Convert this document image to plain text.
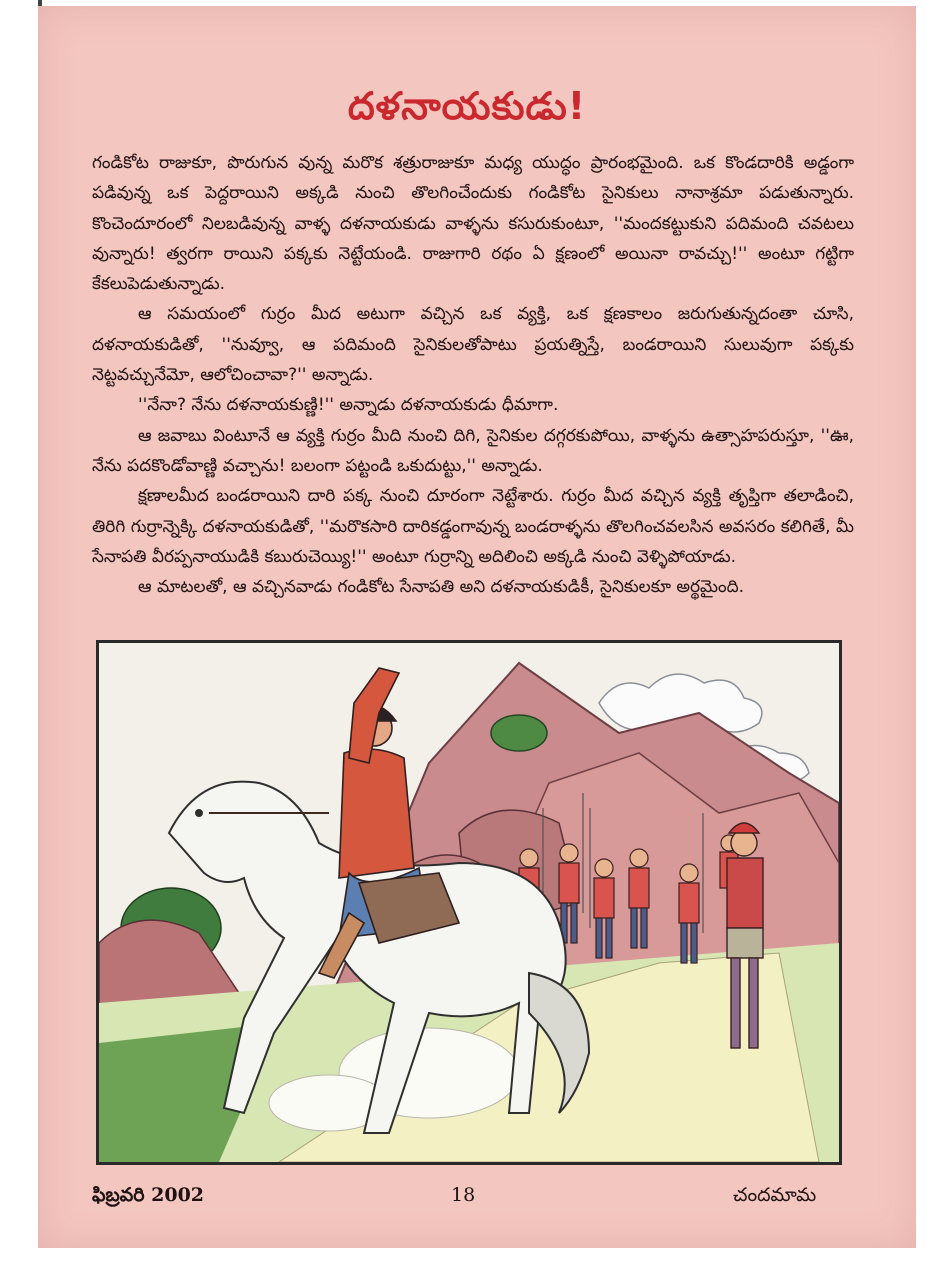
దళనాయకుడు!

గండికోట రాజుకూ, పొరుగున వున్న మరొక శత్రురాజుకూ మధ్య యుద్ధం ప్రారంభమైంది. ఒక కొండదారికి అడ్డంగా పడివున్న ఒక పెద్దరాయిని అక్కడి నుంచి తొలగించేందుకు గండికోట సైనికులు నానాశ్రమా పడుతున్నారు. కొంచెందూరంలో నిలబడివున్న వాళ్ళ దళనాయకుడు వాళ్ళను కసురుకుంటూ, ''మందకట్టుకుని పదిమంది చవటలు వున్నారు! త్వరగా రాయిని పక్కకు నెట్టేయండి. రాజుగారి రథం ఏ క్షణంలో అయినా రావచ్చు!'' అంటూ గట్టిగా కేకలుపెడుతున్నాడు.

ఆ సమయంలో గుర్రం మీద అటుగా వచ్చిన ఒక వ్యక్తి, ఒక క్షణకాలం జరుగుతున్నదంతా చూసి, దళనాయకుడితో, ''నువ్వూ, ఆ పదిమంది సైనికులతోపాటు ప్రయత్నిస్తే, బండరాయిని సులువుగా పక్కకు నెట్టవచ్చునేమో, ఆలోచించావా?'' అన్నాడు.

''నేనా? నేను దళనాయకుణ్ణి!'' అన్నాడు దళనాయకుడు ధీమాగా.

ఆ జవాబు వింటూనే ఆ వ్యక్తి గుర్రం మీది నుంచి దిగి, సైనికుల దగ్గరకుపోయి, వాళ్ళను ఉత్సాహపరుస్తూ, ''ఊ, నేను పదకొండోవాణ్ణి వచ్చాను! బలంగా పట్టండి ఒకుదుట్టు,'' అన్నాడు.

క్షణాలమీద బండరాయిని దారి పక్క నుంచి దూరంగా నెట్టేశారు. గుర్రం మీద వచ్చిన వ్యక్తి తృప్తిగా తలాడించి, తిరిగి గుర్రాన్నెక్కి దళనాయకుడితో, ''మరొకసారి దారికడ్డంగావున్న బండరాళ్ళను తొలగించవలసిన అవసరం కలిగితే, మీ సేనాపతి వీరప్పనాయుడికి కబురుచెయ్యి!'' అంటూ గుర్రాన్ని అదిలించి అక్కడి నుంచి వెళ్ళిపోయాడు.

ఆ మాటలతో, ఆ వచ్చినవాడు గండికోట సేనాపతి అని దళనాయకుడికీ, సైనికులకూ అర్థమైంది.

ఫిబ్రవరి 2002	18	చందమామ
